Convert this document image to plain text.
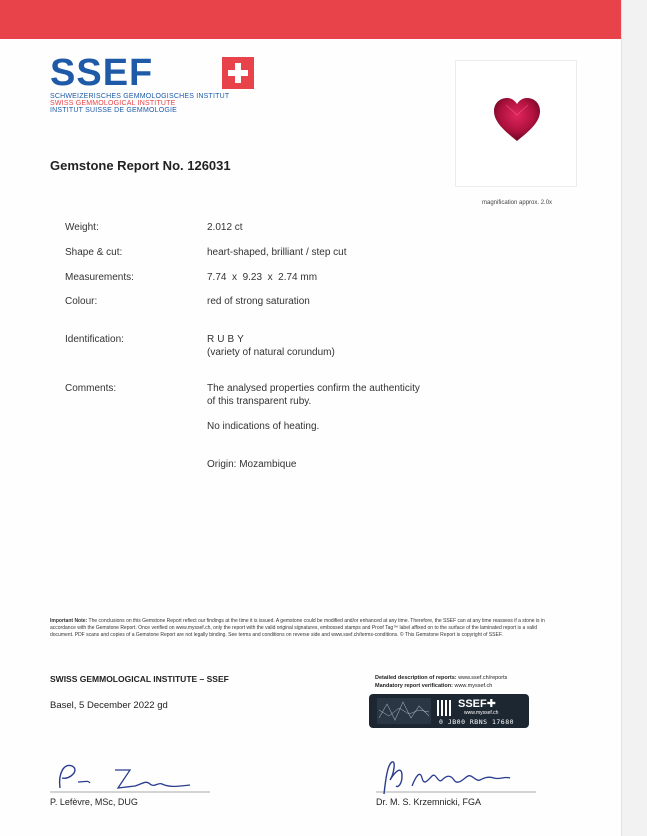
SSEF
SCHWEIZERISCHES GEMMOLOGISCHES INSTITUT
SWISS GEMMOLOGICAL INSTITUTE
INSTITUT SUISSE DE GEMMOLOGIE
magnification approx. 2.0x
Gemstone Report No. 126031
Weight:	2.012 ct
Shape & cut:	heart-shaped, brilliant / step cut
Measurements:	7.74  x  9.23  x  2.74 mm
Colour:	red of strong saturation
Identification:	RUBY
(variety of natural corundum)
Comments:	The analysed properties confirm the authenticity
of this transparent ruby.
No indications of heating.
Origin: Mozambique
Important Note: The conclusions on this Gemstone Report reflect our findings at the time it is issued. A gemstone could be modified and/or enhanced at any time. Therefore, the SSEF can at any time reassess if a stone is in accordance with the Gemstone Report. Once verified on www.myssef.ch, only the report with the valid original signatures, embossed stamps and Proof Tag™ label affixed on to the surface of the laminated report is a valid document. PDF scans and copies of a Gemstone Report are not legally binding. See terms and conditions on reverse side and www.ssef.ch/terms-conditions. © This Gemstone Report is copyright of SSEF.
SWISS GEMMOLOGICAL INSTITUTE – SSEF
Basel, 5 December 2022 gd
Detailed description of reports: www.ssef.ch/reports
Mandatory report verification: www.myssef.ch
SSEF✚
www.myssef.ch
0 JB00 RBNS 17680
P. Lefèvre, MSc, DUG	Dr. M. S. Krzemnicki, FGA
